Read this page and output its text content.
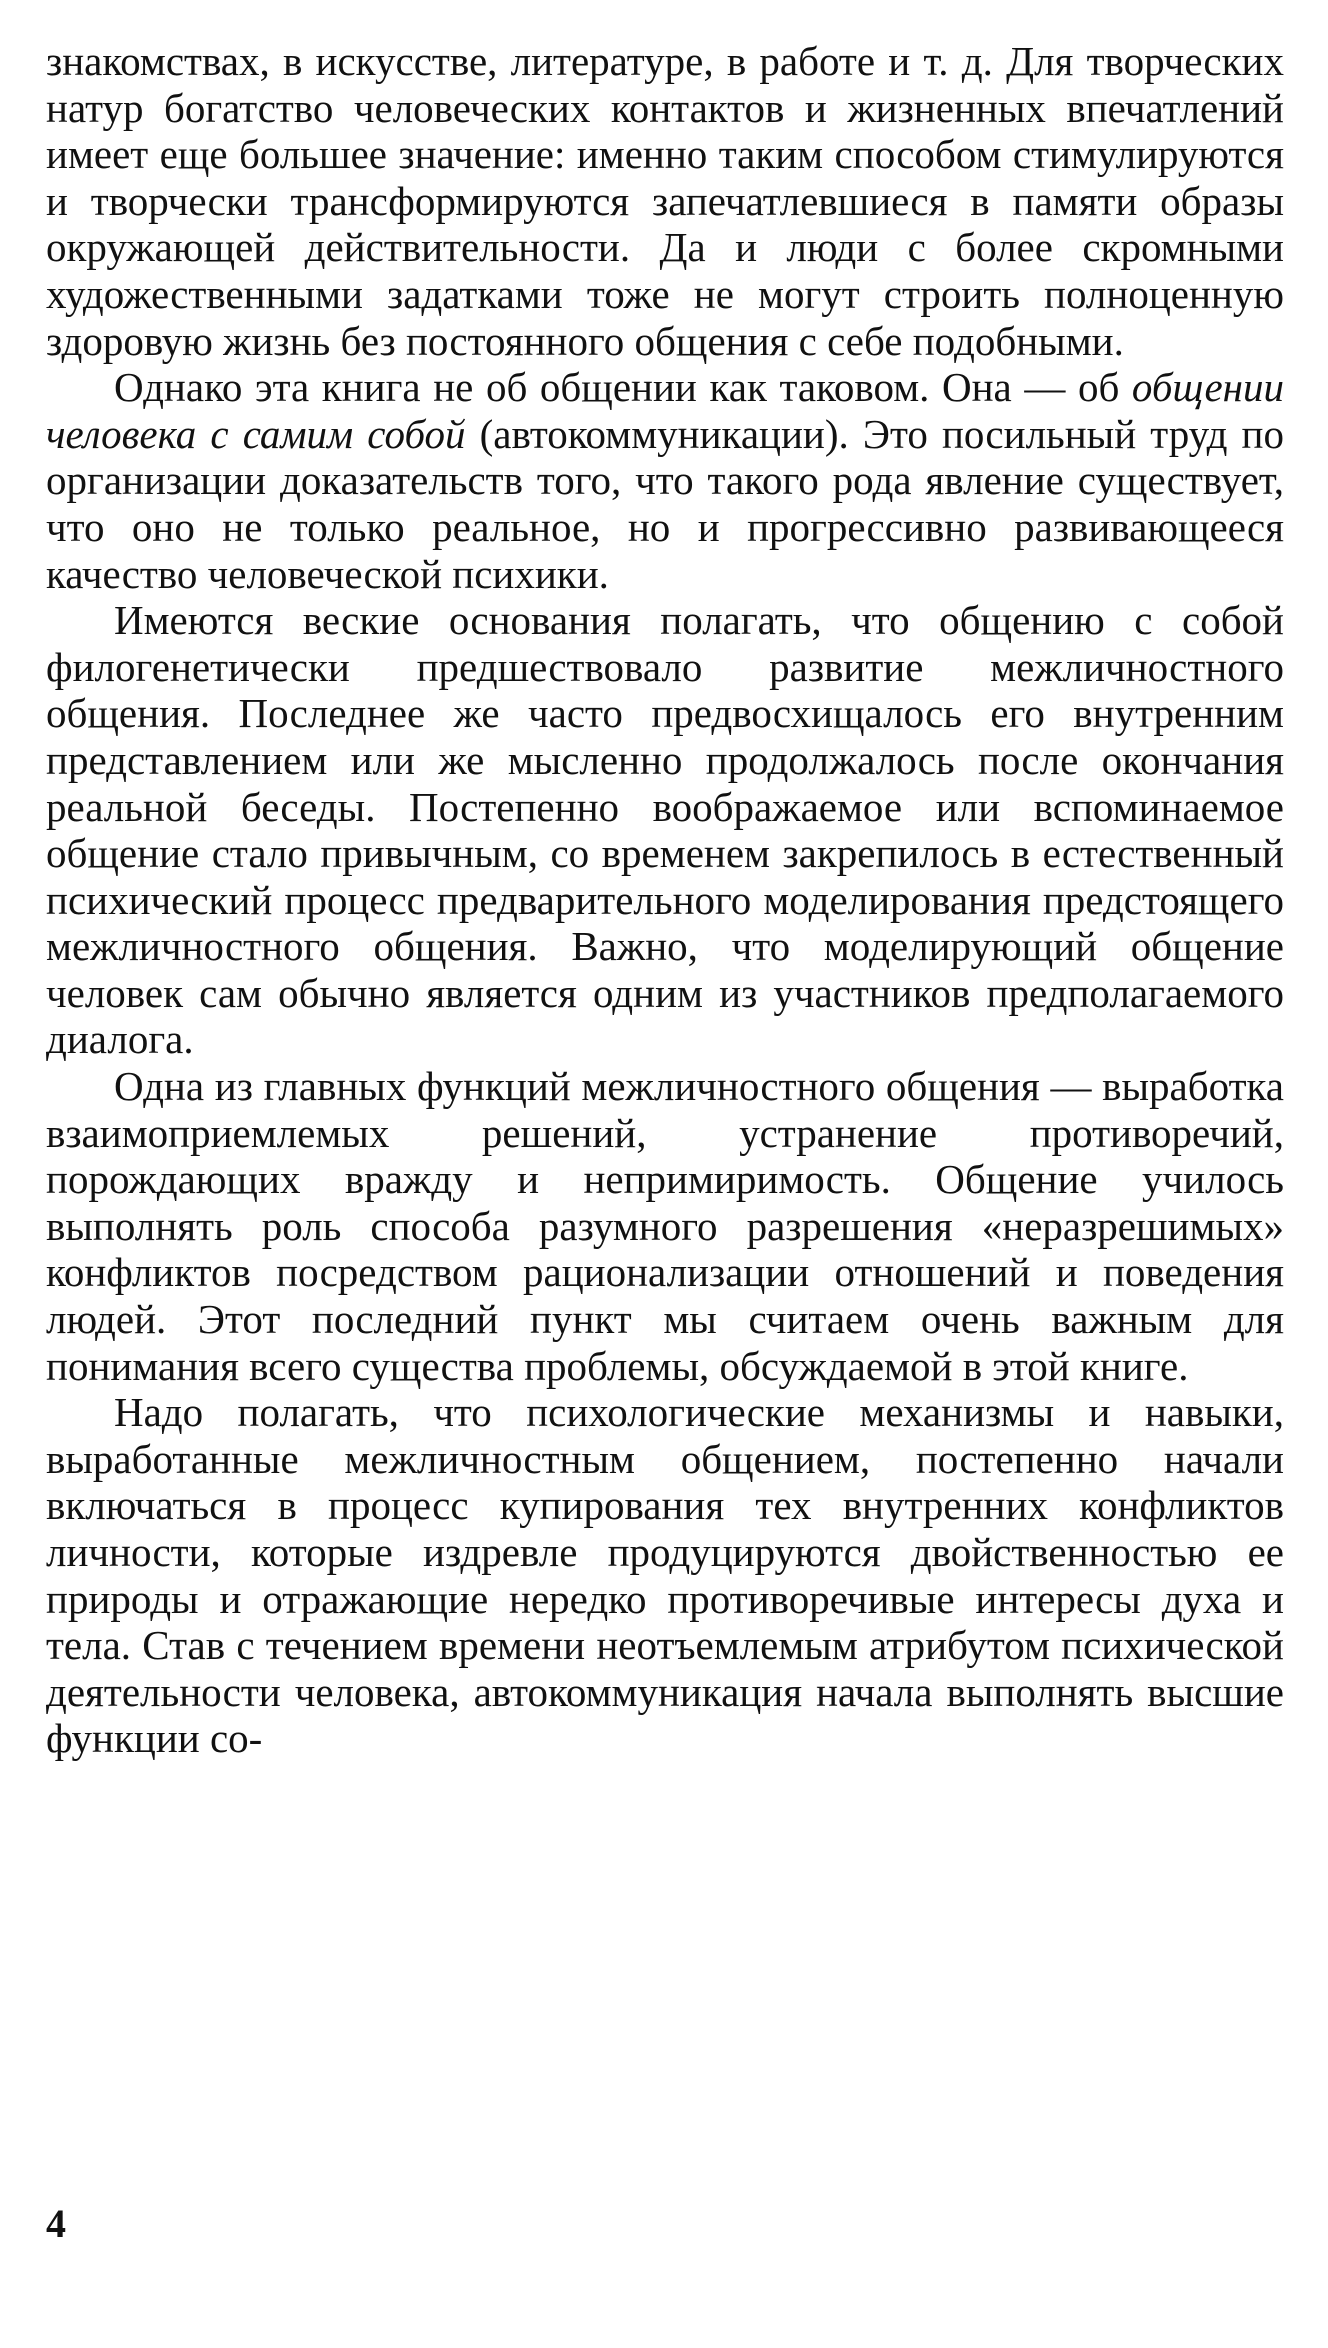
знакомствах, в искусстве, литературе, в работе и т. д. Для творческих натур богатство человеческих контактов и жизненных впечатлений имеет еще большее значение: именно таким способом стимулируются и творчески трансформируются запечатлевшиеся в памяти образы окружающей действительности. Да и люди с более скромными художественными задатками тоже не могут строить полноценную здоровую жизнь без постоянного общения с себе подобными.

Однако эта книга не об общении как таковом. Она — об общении человека с самим собой (автокоммуникации). Это посильный труд по организации доказательств того, что такого рода явление существует, что оно не только реальное, но и прогрессивно развивающееся качество человеческой психики.

Имеются веские основания полагать, что общению с собой филогенетически предшествовало развитие межличностного общения. Последнее же часто предвосхищалось его внутренним представлением или же мысленно продолжалось после окончания реальной беседы. Постепенно воображаемое или вспоминаемое общение стало привычным, со временем закрепилось в естественный психический процесс предварительного моделирования предстоящего межличностного общения. Важно, что моделирующий общение человек сам обычно является одним из участников предполагаемого диалога.

Одна из главных функций межличностного общения — выработка взаимоприемлемых решений, устранение противоречий, порождающих вражду и непримиримость. Общение училось выполнять роль способа разумного разрешения «неразрешимых» конфликтов посредством рационализации отношений и поведения людей. Этот последний пункт мы считаем очень важным для понимания всего существа проблемы, обсуждаемой в этой книге.

Надо полагать, что психологические механизмы и навыки, выработанные межличностным общением, постепенно начали включаться в процесс купирования тех внутренних конфликтов личности, которые издревле продуцируются двойственностью ее природы и отражающие нередко противоречивые интересы духа и тела. Став с течением времени неотъемлемым атрибутом психической деятельности человека, автокоммуникация начала выполнять высшие функции со-

4
